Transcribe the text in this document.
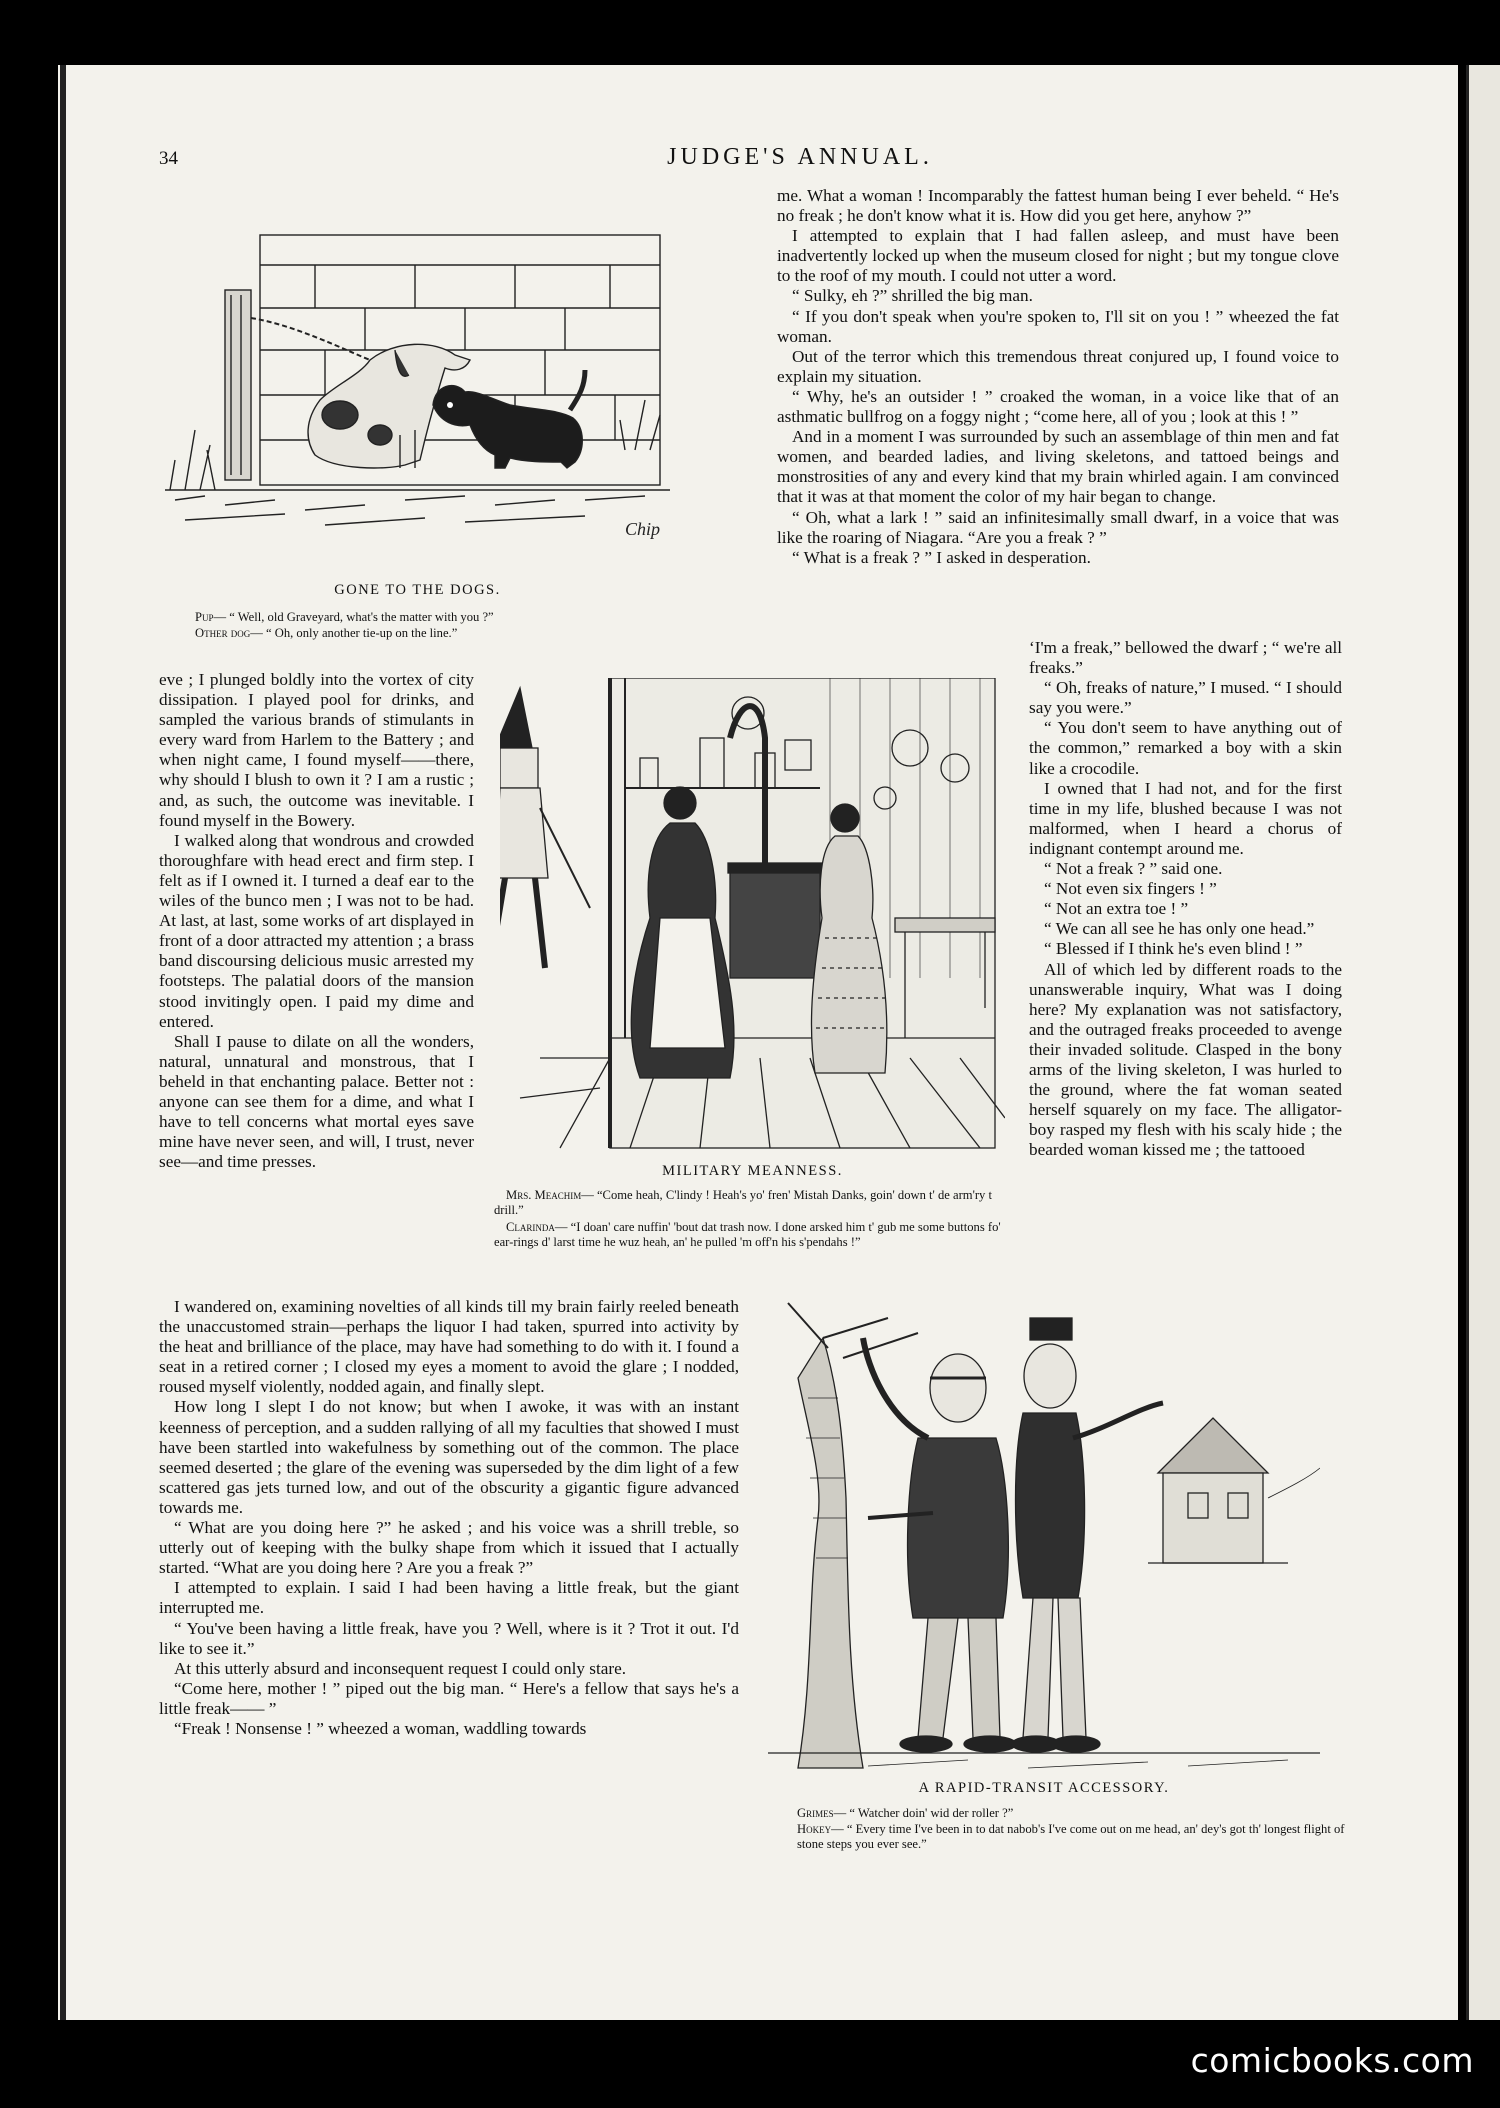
34	JUDGE'S ANNUAL.
Chip
GONE TO THE DOGS.
Pup— “ Well, old Graveyard, what's the matter with you ?”
Other dog— “ Oh, only another tie-up on the line.”

me. What a woman ! Incomparably the fattest human being I ever beheld. “ He's no freak ; he don't know what it is. How did you get here, anyhow ?”

I attempted to explain that I had fallen asleep, and must have been inadvertently locked up when the museum closed for night ; but my tongue clove to the roof of my mouth. I could not utter a word.

“ Sulky, eh ?” shrilled the big man.

“ If you don't speak when you're spoken to, I'll sit on you ! ” wheezed the fat woman.

Out of the terror which this tremendous threat conjured up, I found voice to explain my situation.

“ Why, he's an outsider ! ” croaked the woman, in a voice like that of an asthmatic bullfrog on a foggy night ; “come here, all of you ; look at this ! ”

And in a moment I was surrounded by such an assemblage of thin men and fat women, and bearded ladies, and living skeletons, and tattoed beings and monstrosities of any and every kind that my brain whirled again. I am convinced that it was at that moment the color of my hair began to change.

“ Oh, what a lark ! ” said an infinitesimally small dwarf, in a voice that was like the roaring of Niagara. “Are you a freak ? ”

“ What is a freak ? ” I asked in desperation.

eve ; I plunged boldly into the vortex of city dissipation. I played pool for drinks, and sampled the various brands of stimulants in every ward from Harlem to the Battery ; and when night came, I found myself——there, why should I blush to own it ? I am a rustic ; and, as such, the outcome was inevitable. I found myself in the Bowery.

I walked along that wondrous and crowded thoroughfare with head erect and firm step. I felt as if I owned it. I turned a deaf ear to the wiles of the bunco men ; I was not to be had. At last, at last, some works of art displayed in front of a door attracted my attention ; a brass band discoursing delicious music arrested my footsteps. The palatial doors of the mansion stood invitingly open. I paid my dime and entered.

Shall I pause to dilate on all the wonders, natural, unnatural and monstrous, that I beheld in that enchanting palace. Better not : anyone can see them for a dime, and what I have to tell concerns what mortal eyes save mine have never seen, and will, I trust, never see—and time presses.	MILITARY MEANNESS.
Mrs. Meachim— “Come heah, C'lindy ! Heah's yo' fren' Mistah Danks, goin' down t' de arm'ry t drill.”
Clarinda— “I doan' care nuffin' 'bout dat trash now. I done arsked him t' gub me some buttons fo' ear-rings d' larst time he wuz heah, an' he pulled 'm off'n his s'pendahs !”

‘I'm a freak,” bellowed the dwarf ; “ we're all freaks.”

“ Oh, freaks of nature,” I mused. “ I should say you were.”

“ You don't seem to have anything out of the common,” remarked a boy with a skin like a crocodile.

I owned that I had not, and for the first time in my life, blushed because I was not malformed, when I heard a chorus of indignant contempt around me.

“ Not a freak ? ” said one.

“ Not even six fingers ! ”

“ Not an extra toe ! ”

“ We can all see he has only one head.”

“ Blessed if I think he's even blind ! ”

All of which led by different roads to the unanswerable inquiry, What was I doing here? My explanation was not satisfactory, and the outraged freaks proceeded to avenge their invaded solitude. Clasped in the bony arms of the living skeleton, I was hurled to the ground, where the fat woman seated herself squarely on my face. The alligator-boy rasped my flesh with his scaly hide ; the bearded woman kissed me ; the tattooed

I wandered on, examining novelties of all kinds till my brain fairly reeled beneath the unaccustomed strain—perhaps the liquor I had taken, spurred into activity by the heat and brilliance of the place, may have had something to do with it. I found a seat in a retired corner ; I closed my eyes a moment to avoid the glare ; I nodded, roused myself violently, nodded again, and finally slept.

How long I slept I do not know; but when I awoke, it was with an instant keenness of perception, and a sudden rallying of all my faculties that showed I must have been startled into wakefulness by something out of the common. The place seemed deserted ; the glare of the evening was superseded by the dim light of a few scattered gas jets turned low, and out of the obscurity a gigantic figure advanced towards me.

“ What are you doing here ?” he asked ; and his voice was a shrill treble, so utterly out of keeping with the bulky shape from which it issued that I actually started. “What are you doing here ? Are you a freak ?”

I attempted to explain. I said I had been having a little freak, but the giant interrupted me.

“ You've been having a little freak, have you ? Well, where is it ? Trot it out. I'd like to see it.”

At this utterly absurd and inconsequent request I could only stare.

“Come here, mother ! ” piped out the big man. “ Here's a fellow that says he's a little freak—— ”

“Freak ! Nonsense ! ” wheezed a woman, waddling towards

A RAPID-TRANSIT ACCESSORY.
Grimes— “ Watcher doin' wid der roller ?”
Hokey— “ Every time I've been in to dat nabob's I've come out on me head, an' dey's got th' longest flight of stone steps you ever see.”
comicbooks.com
